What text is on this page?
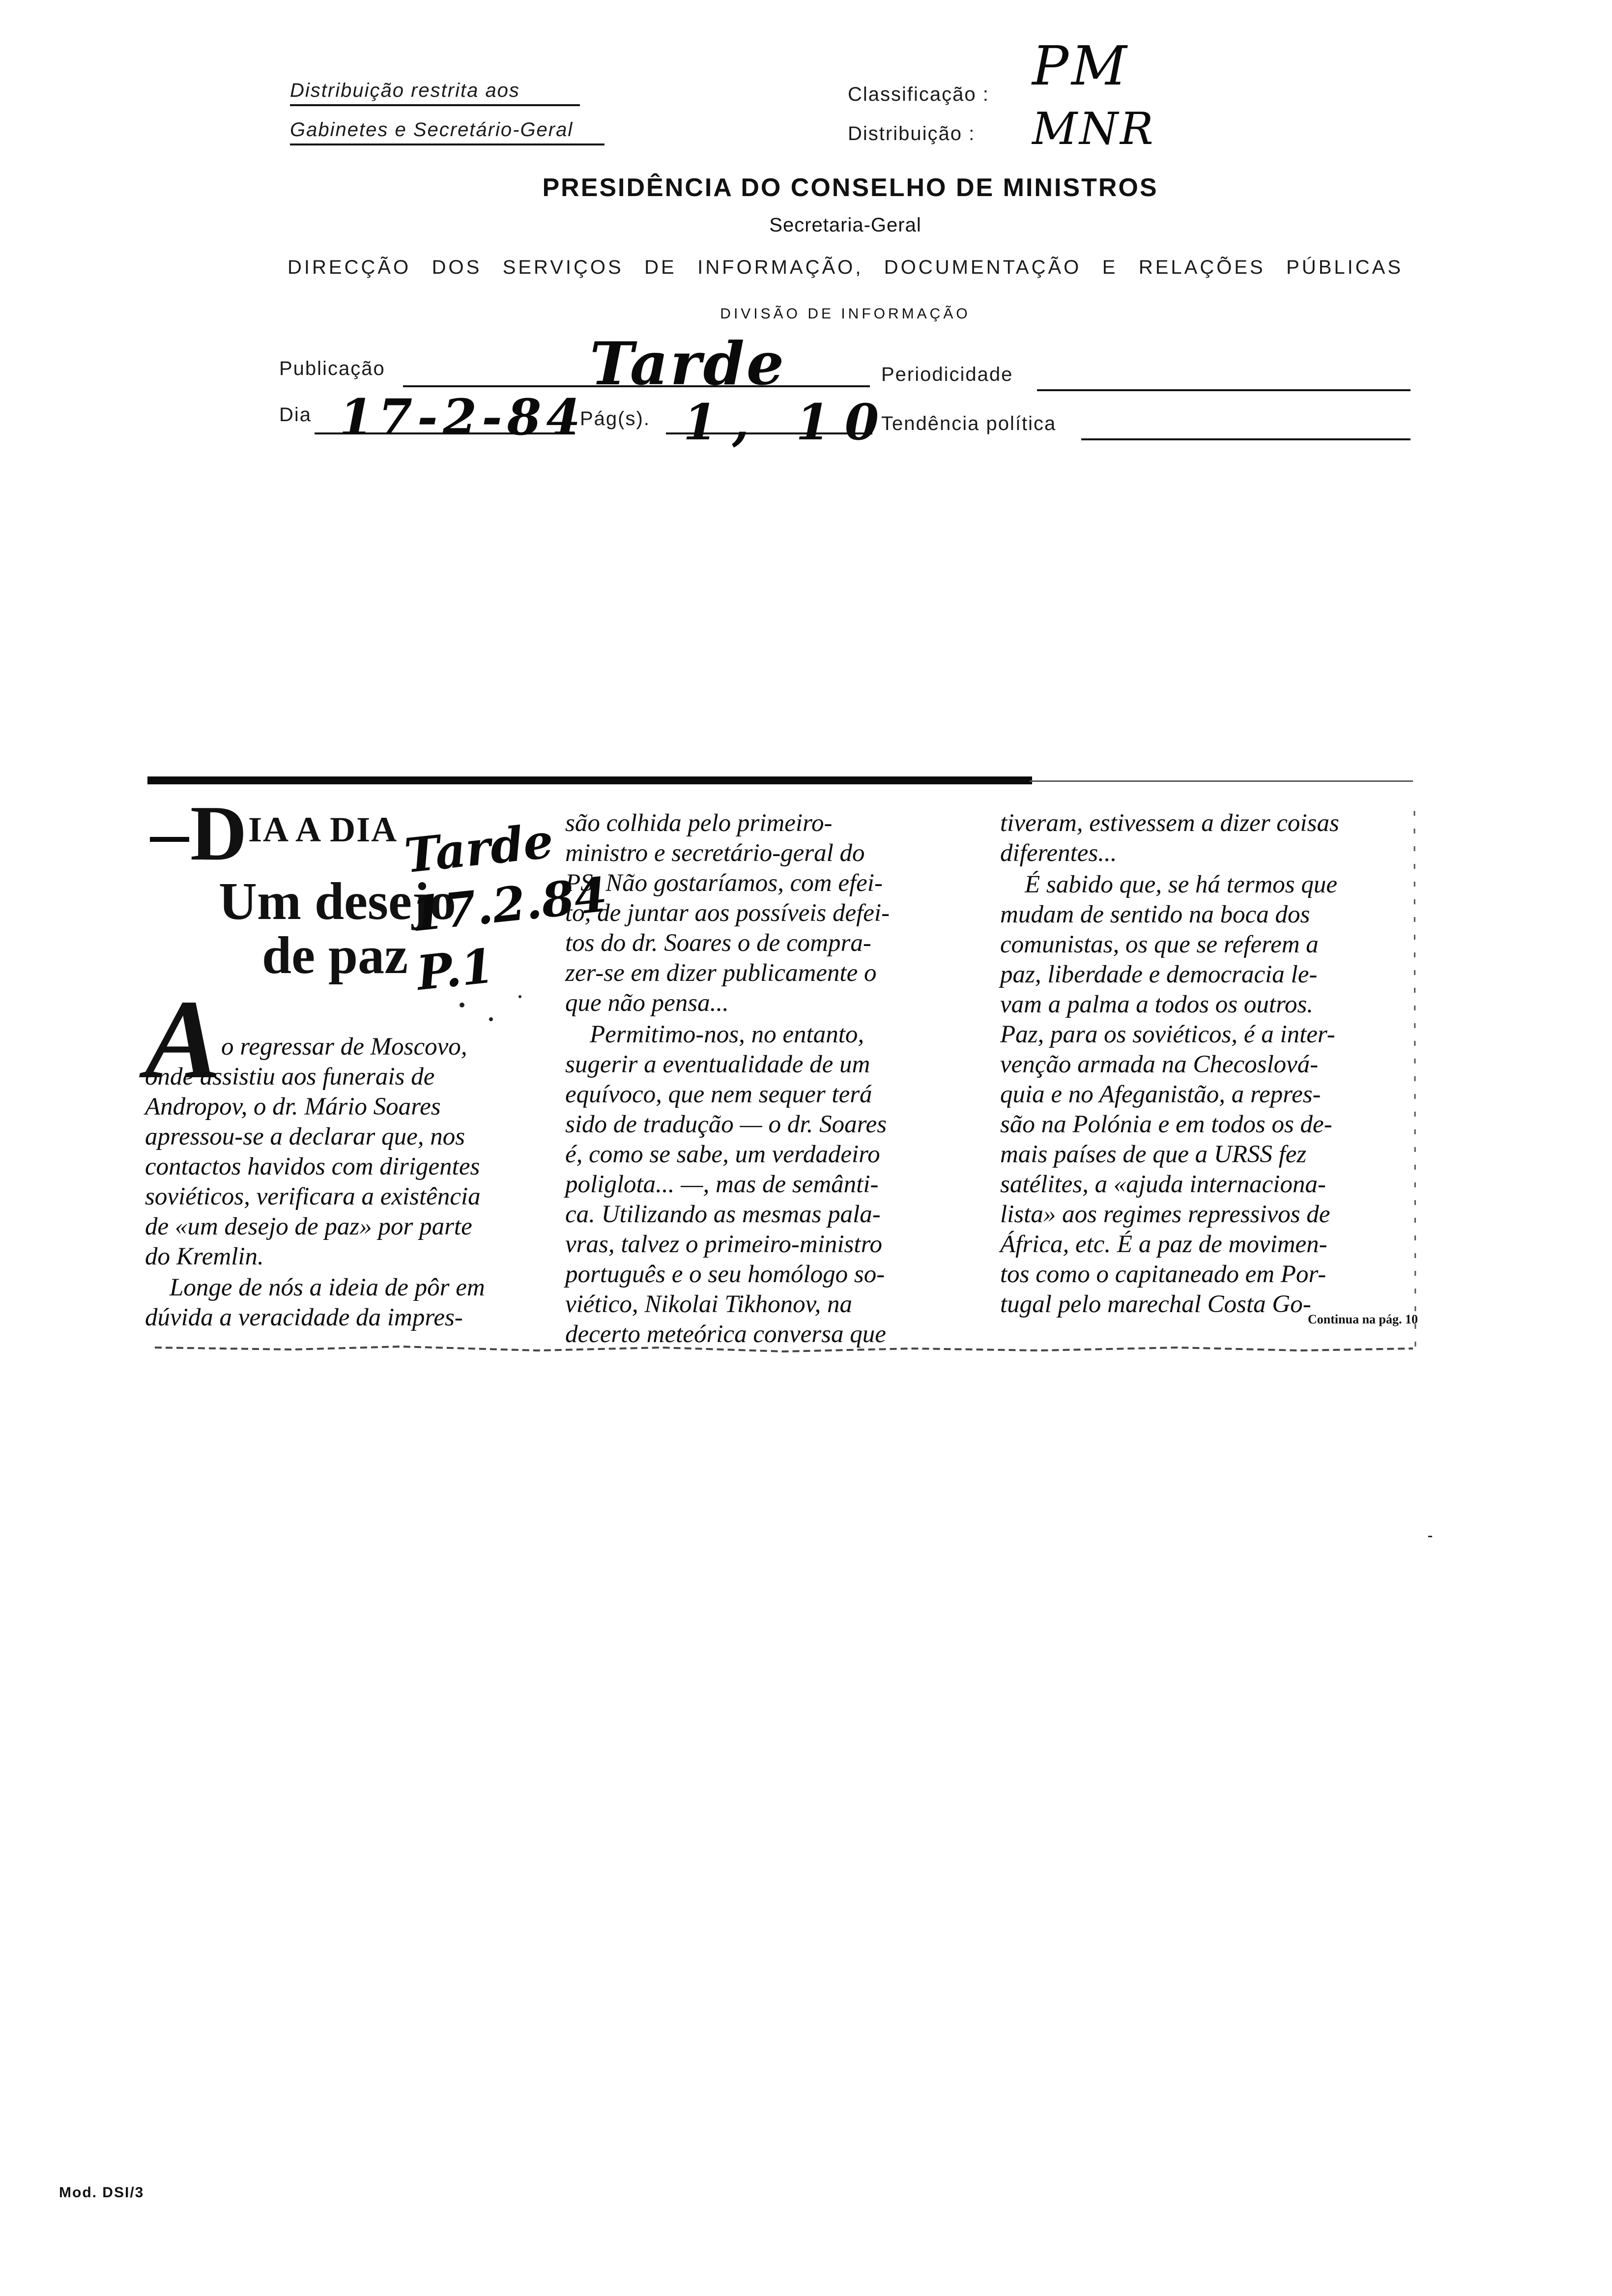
Distribuição restrita aos
Gabinetes e Secretário-Geral
Classificação :
Distribuição :
PM
MNR
PRESIDÊNCIA DO CONSELHO DE MINISTROS
Secretaria-Geral
DIRECÇÃO DOS SERVIÇOS DE INFORMAÇÃO, DOCUMENTAÇÃO E RELAÇÕES PÚBLICAS
DIVISÃO DE INFORMAÇÃO
Publicação	Tarde	Periodicidade
Dia 17-2-84
Pág(s). 1, 10
Tendência política
D IA A DIA
Um desejo
de paz
Tarde 17.2.84 P.1
A o regressar de Moscovo,
onde assistiu aos funerais de
Andropov, o dr. Mário Soares
apressou-se a declarar que, nos
contactos havidos com dirigentes
soviéticos, verificara a existência
de «um desejo de paz» por parte
do Kremlin.
Longe de nós a ideia de pôr em
dúvida a veracidade da impres-
são colhida pelo primeiro-
ministro e secretário-geral do
PS. Não gostaríamos, com efei-
to, de juntar aos possíveis defei-
tos do dr. Soares o de compra-
zer-se em dizer publicamente o
que não pensa...
Permitimo-nos, no entanto,
sugerir a eventualidade de um
equívoco, que nem sequer terá
sido de tradução — o dr. Soares
é, como se sabe, um verdadeiro
poliglota... —, mas de semânti-
ca. Utilizando as mesmas pala-
vras, talvez o primeiro-ministro
português e o seu homólogo so-
viético, Nikolai Tikhonov, na
decerto meteórica conversa que
tiveram, estivessem a dizer coisas
diferentes...
É sabido que, se há termos que
mudam de sentido na boca dos
comunistas, os que se referem a
paz, liberdade e democracia le-
vam a palma a todos os outros.
Paz, para os soviéticos, é a inter-
venção armada na Checoslová-
quia e no Afeganistão, a repres-
são na Polónia e em todos os de-
mais países de que a URSS fez
satélites, a «ajuda internaciona-
lista» aos regimes repressivos de
África, etc. É a paz de movimen-
tos como o capitaneado em Por-
tugal pelo marechal Costa Go-
Continua na pág. 10
Mod. DSI/3
